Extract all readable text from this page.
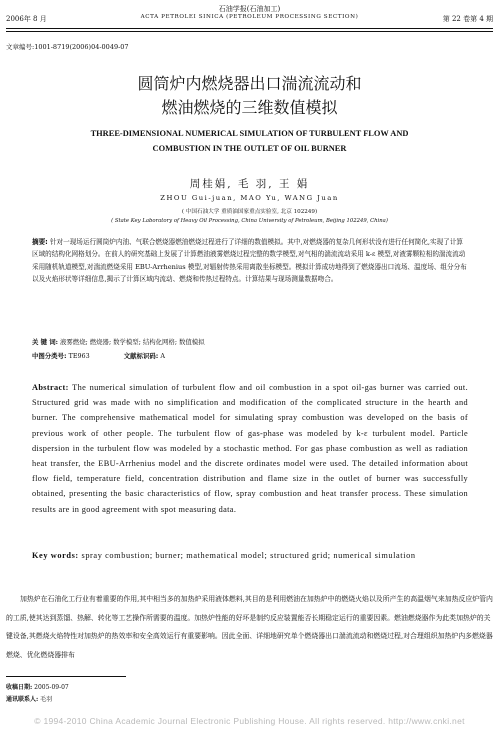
石油学报(石油加工)
2006年 8 月	ACTA PETROLEI SINICA (PETROLEUM PROCESSING SECTION)	第 22 卷第 4 期
文章编号:1001-8719(2006)04-0049-07
圆筒炉内燃烧器出口湍流流动和
燃油燃烧的三维数值模拟
THREE-DIMENSIONAL NUMERICAL SIMULATION OF TURBULENT FLOW AND
COMBUSTION IN THE OUTLET OF OIL BURNER
周桂娟, 毛 羽, 王 娟
ZHOU Gui-juan, MAO Yu, WANG Juan
( 中国石油大学 重质油国家重点实验室, 北京 102249)
( State Key Laboratory of Heavy Oil Processing, China University of Petroleum, Beijing 102249, China)
摘要: 针对一现场运行圆筒炉内油、气联合燃烧器燃油燃烧过程进行了详细的数值模拟。其中,对燃烧器的复杂几何形状没有进行任何简化,实现了计算区域的结构化网格划分。在前人的研究基础上发展了计算燃油液雾燃烧过程完整的数学模型,对气相的湍流流动采用 k-ε 模型,对液雾颗粒相的湍流流动采用随机轨道模型,对湍流燃烧采用 EBU-Arrhenius 模型,对辐射传热采用离散坐标模型。模拟计算成功地得到了燃烧器出口流场、温度场、组分分布以及火焰形状等详细信息,揭示了计算区域内流动、燃烧和传热过程特点。计算结果与现场测量数据吻合。
关 键 词: 液雾燃烧; 燃烧器; 数学模型; 结构化网格; 数值模拟
中图分类号: TE963	文献标识码: A
Abstract: The numerical simulation of turbulent flow and oil combustion in a spot oil-gas burner was carried out. Structured grid was made with no simplification and modification of the complicated structure in the hearth and burner. The comprehensive mathematical model for simulating spray combustion was developed on the basis of previous work of other people. The turbulent flow of gas-phase was modeled by k-ε turbulent model. Particle dispersion in the turbulent flow was modeled by a stochastic method. For gas phase combustion as well as radiation heat transfer, the EBU-Arrhenius model and the discrete ordinates model were used. The detailed information about flow field, temperature field, concentration distribution and flame size in the outlet of burner was successfully obtained, presenting the basic characteristics of flow, spray combustion and heat transfer process. These simulation results are in good agreement with spot measuring data.
Key words: spray combustion; burner; mathematical model; structured grid; numerical simulation
加热炉在石油化工行业有着重要的作用,其中相当多的加热炉采用液体燃料,其目的是利用燃油在加热炉中的燃烧火焰以及所产生的高温烟气来加热反应炉管内的工质,使其达到蒸馏、热解、转化等工艺操作所需要的温度。加热炉性能的好坏是制约反应装置能否长期稳定运行的重要因素。燃油燃烧器作为此类加热炉的关键设备,其燃烧火焰特性对加热炉的热效率和安全高效运行有重要影响。因此全面、详细地研究单个燃烧器出口湍流流动和燃烧过程,对合理组织加热炉内多燃烧器燃烧、优化燃烧器排布
收稿日期: 2005-09-07
通讯联系人: 毛羽
© 1994-2010 China Academic Journal Electronic Publishing House. All rights reserved. http://www.cnki.net
